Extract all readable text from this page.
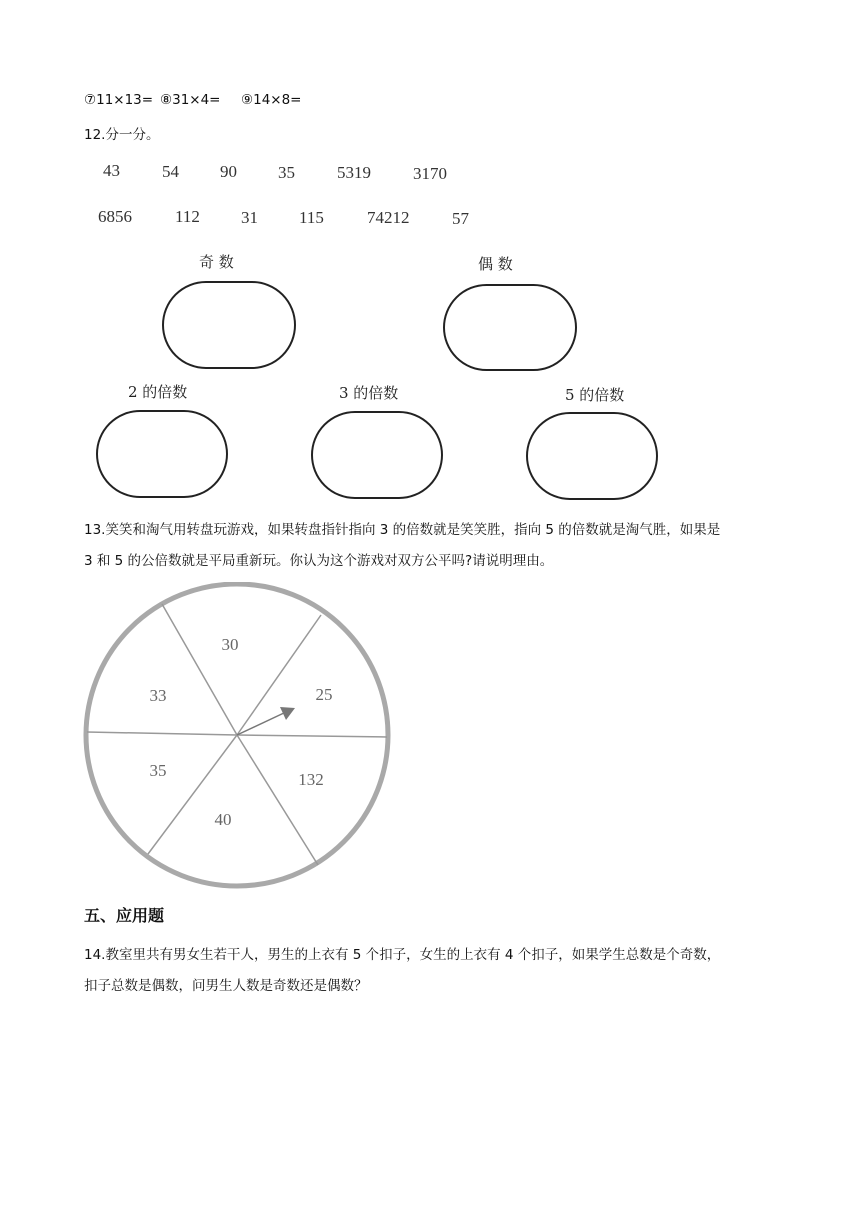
⑦11×13= ⑧31×4= ⑨14×8=
12.分一分。
43 54 90 35 5319 3170
6856	112 31 115	74212	57
奇 数	偶 数
2 的倍数	3 的倍数	5 的倍数
13.笑笑和淘气用转盘玩游戏，如果转盘指针指向 3 的倍数就是笑笑胜，指向 5 的倍数就是淘气胜，如果是
3 和 5 的公倍数就是平局重新玩。你认为这个游戏对双方公平吗?请说明理由。
30
25
132
40
35
33
五、应用题
14.教室里共有男女生若干人，男生的上衣有 5 个扣子，女生的上衣有 4 个扣子，如果学生总数是个奇数，
扣子总数是偶数，问男生人数是奇数还是偶数？
